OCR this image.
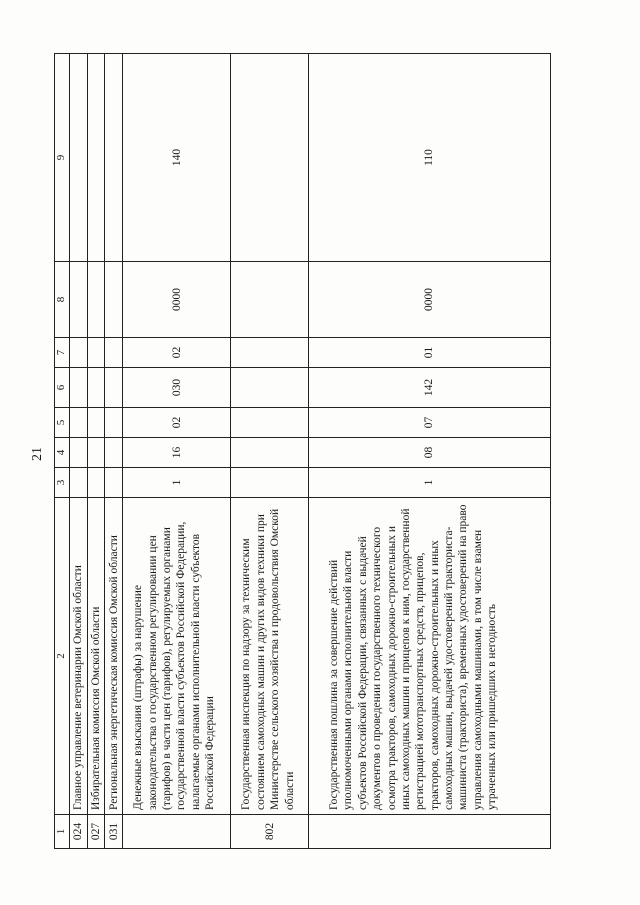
21
1	2	3	4	5	6	7	8	9
024	Главное управление ветеринарии Омской области							
027	Избирательная комиссия Омской области							
031	Региональная энергетическая комиссия Омской области							
	Денежные взыскания (штрафы) за нарушение законодательства о государственном регулировании цен (тарифов) в части цен (тарифов), регулируемых органами государственной власти субъектов Российской Федерации, налагаемые органами исполнительной власти субъектов Российской Федерации	1	16	02	030	02	0000	140
802	Государственная инспекция по надзору за техническим состоянием самоходных машин и других видов техники при Министерстве сельского хозяйства и продовольствия Омской области							
	Государственная пошлина за совершение действий уполномоченными органами исполнительной власти субъектов Российской Федерации, связанных с выдачей документов о проведении государственного технического осмотра тракторов, самоходных дорожно-строительных и иных самоходных машин и прицепов к ним, государственной регистрацией мототранспортных средств, прицепов, тракторов, самоходных дорожно-строительных и иных самоходных машин, выдачей удостоверений тракториста-машиниста (тракториста), временных удостоверений на право управления самоходными машинами, в том числе взамен утраченных или пришедших в негодность	1	08	07	142	01	0000	110
